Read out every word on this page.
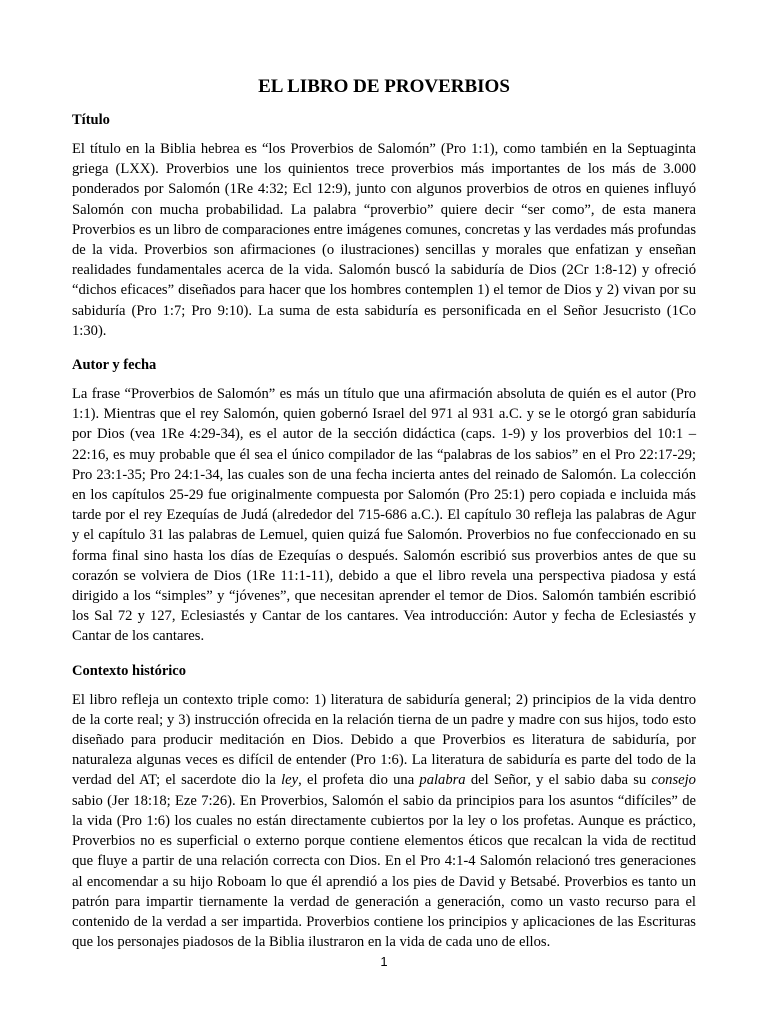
EL LIBRO DE PROVERBIOS
Título

El título en la Biblia hebrea es “los Proverbios de Salomón” (Pro 1:1), como también en la Septuaginta griega (LXX). Proverbios une los quinientos trece proverbios más importantes de los más de 3.000 ponderados por Salomón (1Re 4:32; Ecl 12:9), junto con algunos proverbios de otros en quienes influyó Salomón con mucha probabilidad. La palabra “proverbio” quiere decir “ser como”, de esta manera Proverbios es un libro de comparaciones entre imágenes comunes, concretas y las verdades más profundas de la vida. Proverbios son afirmaciones (o ilustraciones) sencillas y morales que enfatizan y enseñan realidades fundamentales acerca de la vida. Salomón buscó la sabiduría de Dios (2Cr 1:8-12) y ofreció “dichos eficaces” diseñados para hacer que los hombres contemplen 1) el temor de Dios y 2) vivan por su sabiduría (Pro 1:7; Pro 9:10). La suma de esta sabiduría es personificada en el Señor Jesucristo (1Co 1:30).

Autor y fecha

La frase “Proverbios de Salomón” es más un título que una afirmación absoluta de quién es el autor (Pro 1:1). Mientras que el rey Salomón, quien gobernó Israel del 971 al 931 a.C. y se le otorgó gran sabiduría por Dios (vea 1Re 4:29-34), es el autor de la sección didáctica (caps. 1-9) y los proverbios del 10:1 – 22:16, es muy probable que él sea el único compilador de las “palabras de los sabios” en el Pro 22:17-29; Pro 23:1-35; Pro 24:1-34, las cuales son de una fecha incierta antes del reinado de Salomón. La colección en los capítulos 25-29 fue originalmente compuesta por Salomón (Pro 25:1) pero copiada e incluida más tarde por el rey Ezequías de Judá (alrededor del 715-686 a.C.). El capítulo 30 refleja las palabras de Agur y el capítulo 31 las palabras de Lemuel, quien quizá fue Salomón. Proverbios no fue confeccionado en su forma final sino hasta los días de Ezequías o después. Salomón escribió sus proverbios antes de que su corazón se volviera de Dios (1Re 11:1-11), debido a que el libro revela una perspectiva piadosa y está dirigido a los “simples” y “jóvenes”, que necesitan aprender el temor de Dios. Salomón también escribió los Sal 72 y 127, Eclesiastés y Cantar de los cantares. Vea introducción: Autor y fecha de Eclesiastés y Cantar de los cantares.

Contexto histórico

El libro refleja un contexto triple como: 1) literatura de sabiduría general; 2) principios de la vida dentro de la corte real; y 3) instrucción ofrecida en la relación tierna de un padre y madre con sus hijos, todo esto diseñado para producir meditación en Dios. Debido a que Proverbios es literatura de sabiduría, por naturaleza algunas veces es difícil de entender (Pro 1:6). La literatura de sabiduría es parte del todo de la verdad del AT; el sacerdote dio la ley, el profeta dio una palabra del Señor, y el sabio daba su consejo sabio (Jer 18:18; Eze 7:26). En Proverbios, Salomón el sabio da principios para los asuntos “difíciles” de la vida (Pro 1:6) los cuales no están directamente cubiertos por la ley o los profetas. Aunque es práctico, Proverbios no es superficial o externo porque contiene elementos éticos que recalcan la vida de rectitud que fluye a partir de una relación correcta con Dios. En el Pro 4:1-4 Salomón relacionó tres generaciones al encomendar a su hijo Roboam lo que él aprendió a los pies de David y Betsabé. Proverbios es tanto un patrón para impartir tiernamente la verdad de generación a generación, como un vasto recurso para el contenido de la verdad a ser impartida. Proverbios contiene los principios y aplicaciones de las Escrituras que los personajes piadosos de la Biblia ilustraron en la vida de cada uno de ellos.

1
